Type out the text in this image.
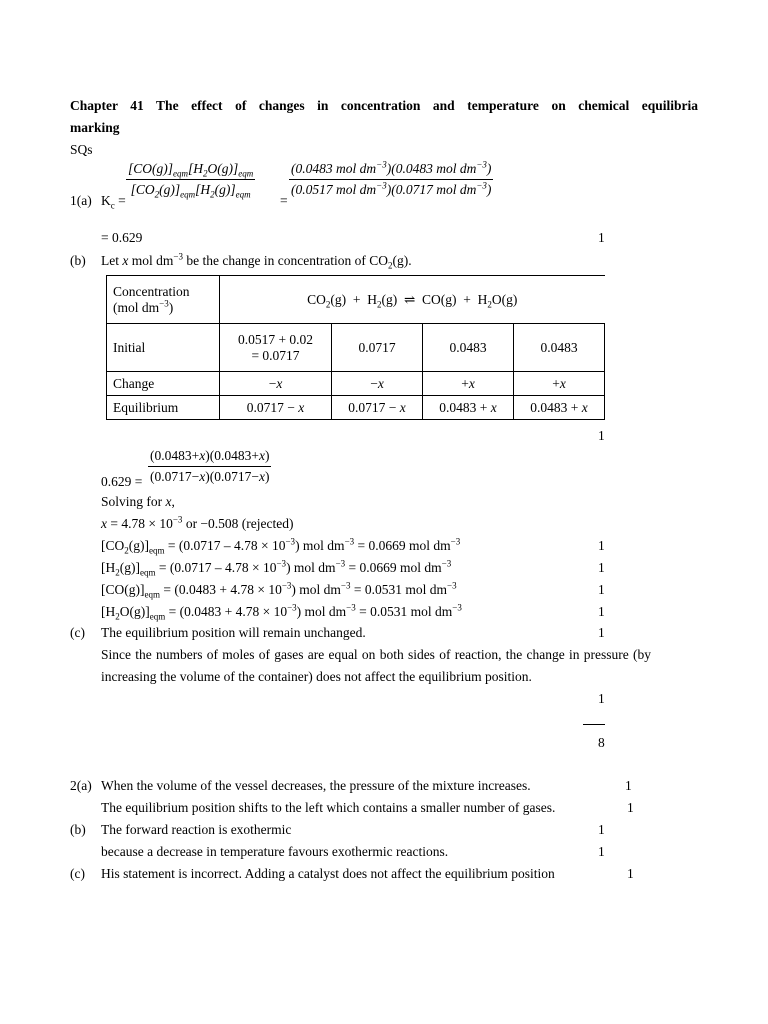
Chapter 41 The effect of changes in concentration and temperature on chemical equilibria
marking
SQs
1(a) $K_c$ =
$[CO(g)]_{eqm}[H_2O(g)]_{eqm}$
$[CO_2(g)]_{eqm}[H_2(g)]_{eqm}$	=
(0.0483 mol $dm^{-3})(0.0483$ mol $dm^{-3}$)
(0.0517 mol $dm^{-3})(0.0717$ mol $dm^{-3}$)
= 0.629	1
(b) Let x mol $dm^{-3}$ be the change in concentration of $CO_2(g)$.
Concentration
(mol $dm^{-3}$)	$CO_2(g) + H_2(g)$  ⇌  $CO(g) + H_2O(g)$			
Initial	0.0517 + 0.02
= 0.0717	0.0717	0.0483	0.0483
Change	−x	−x	+x	+x
Equilibrium	0.0717 − x	0.0717 − x	0.0483 + x	0.0483 + x
1
$0.629 = \frac{(0.0483+x)(0.0483+x)}{(0.0717-x)(0.0717-x)}$
Solving for x,
$x = 4.78 \times 10^{-3}$ or −0.508 (rejected)
$[CO_2(g)]_{eqm} = (0.0717 - 4.78 \times 10^{-3})$ mol $dm^{-3} = 0.0669$ mol $dm^{-3}$	1
$[H_2(g)]_{eqm} = (0.0717 - 4.78 \times 10^{-3})$ mol $dm^{-3} = 0.0669$ mol $dm^{-3}$	1
$[CO(g)]_{eqm} = (0.0483 + 4.78 \times 10^{-3})$ mol $dm^{-3} = 0.0531$ mol $dm^{-3}$	1
$[H_2O(g)]_{eqm} = (0.0483 + 4.78 \times 10^{-3})$ mol $dm^{-3} = 0.0531$ mol $dm^{-3}$	1
(c) The equilibrium position will remain unchanged.	1
Since the numbers of moles of gases are equal on both sides of reaction, the change in pressure (by increasing the volume of the container) does not affect the equilibrium position.
1
8
2(a) When the volume of the vessel decreases, the pressure of the mixture increases.	1
The equilibrium position shifts to the left which contains a smaller number of gases.	1
(b) The forward reaction is exothermic	1
because a decrease in temperature favours exothermic reactions.	1
(c) His statement is incorrect. Adding a catalyst does not affect the equilibrium position	1
